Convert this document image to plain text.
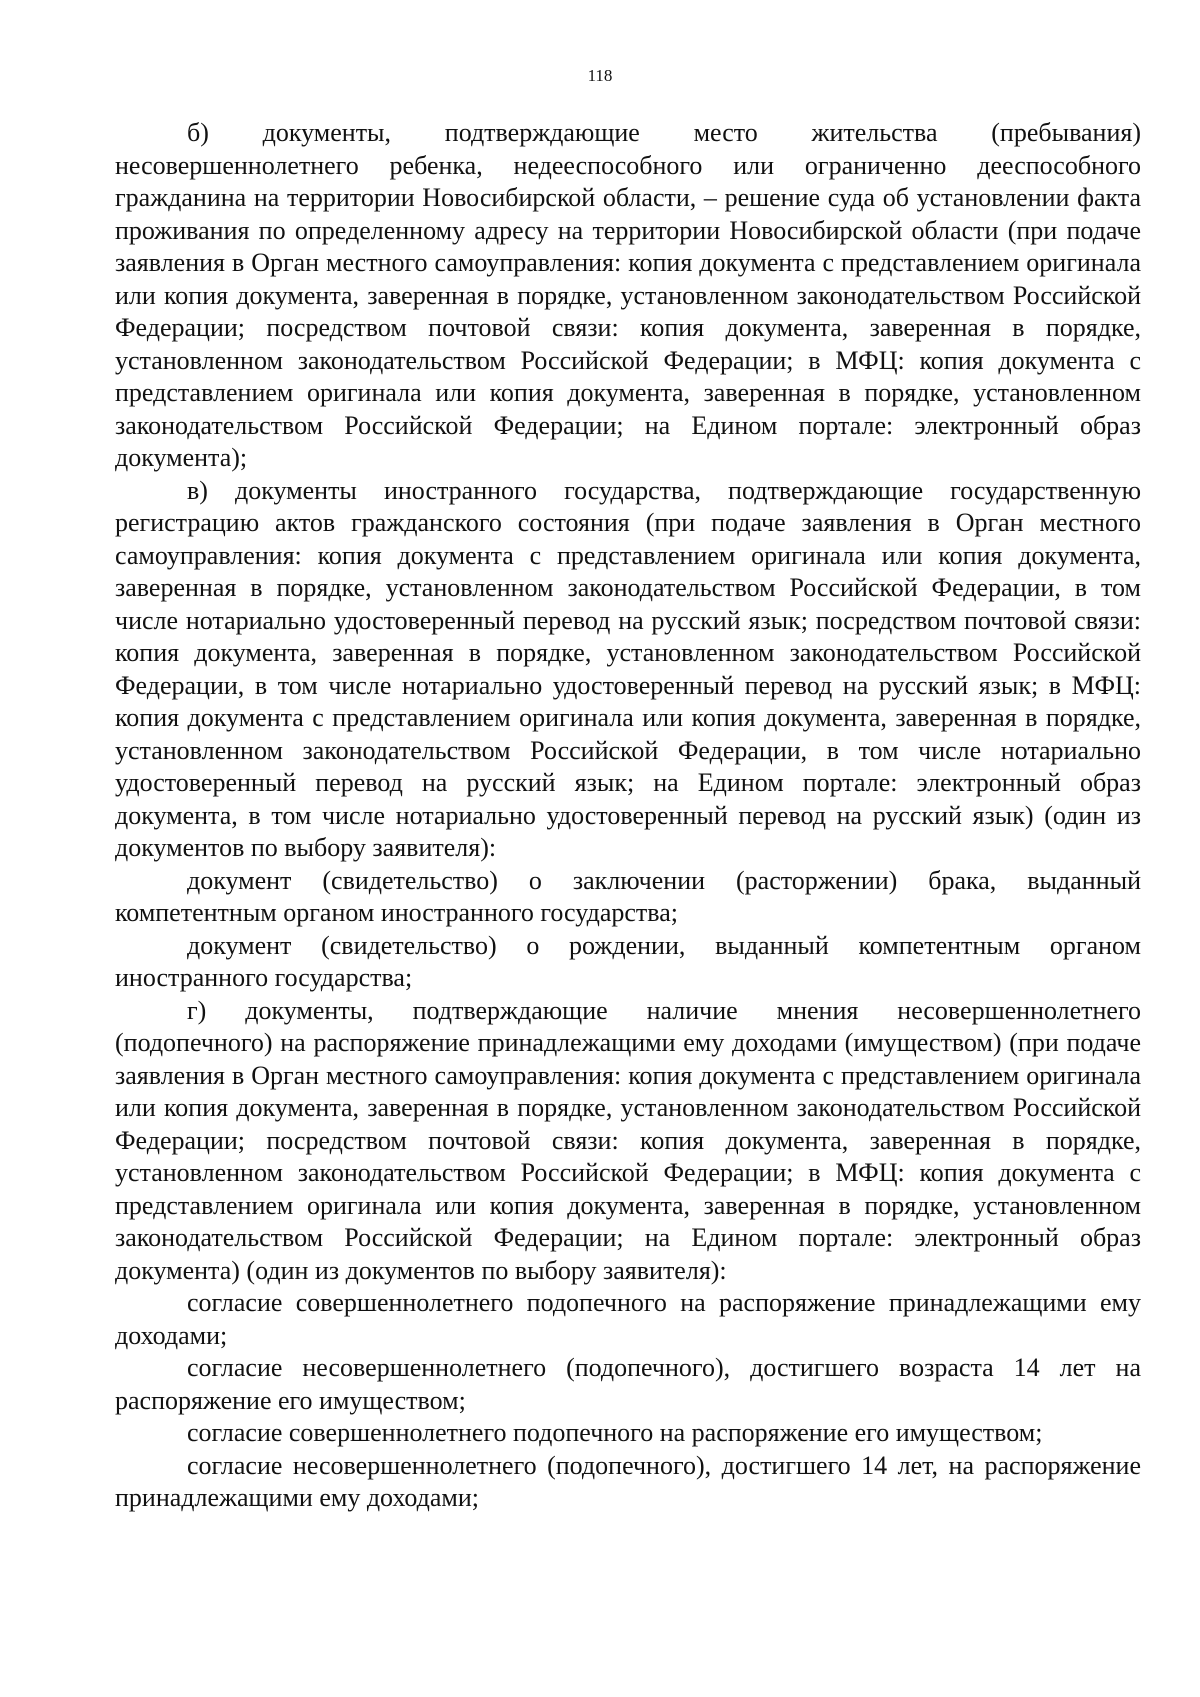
118

б) документы, подтверждающие место жительства (пребывания) несовершеннолетнего ребенка, недееспособного или ограниченно дееспособного гражданина на территории Новосибирской области, – решение суда об установлении факта проживания по определенному адресу на территории Новосибирской области (при подаче заявления в Орган местного самоуправления: копия документа с представлением оригинала или копия документа, заверенная в порядке, установленном законодательством Российской Федерации; посредством почтовой связи: копия документа, заверенная в порядке, установленном законодательством Российской Федерации; в МФЦ: копия документа с представлением оригинала или копия документа, заверенная в порядке, установленном законодательством Российской Федерации; на Едином портале: электронный образ документа);

в) документы иностранного государства, подтверждающие государственную регистрацию актов гражданского состояния (при подаче заявления в Орган местного самоуправления: копия документа с представлением оригинала или копия документа, заверенная в порядке, установленном законодательством Российской Федерации, в том числе нотариально удостоверенный перевод на русский язык; посредством почтовой связи: копия документа, заверенная в порядке, установленном законодательством Российской Федерации, в том числе нотариально удостоверенный перевод на русский язык; в МФЦ: копия документа с представлением оригинала или копия документа, заверенная в порядке, установленном законодательством Российской Федерации, в том числе нотариально удостоверенный перевод на русский язык; на Едином портале: электронный образ документа, в том числе нотариально удостоверенный перевод на русский язык) (один из документов по выбору заявителя):

документ (свидетельство) о заключении (расторжении) брака, выданный компетентным органом иностранного государства;

документ (свидетельство) о рождении, выданный компетентным органом иностранного государства;

г) документы, подтверждающие наличие мнения несовершеннолетнего (подопечного) на распоряжение принадлежащими ему доходами (имуществом) (при подаче заявления в Орган местного самоуправления: копия документа с представлением оригинала или копия документа, заверенная в порядке, установленном законодательством Российской Федерации; посредством почтовой связи: копия документа, заверенная в порядке, установленном законодательством Российской Федерации; в МФЦ: копия документа с представлением оригинала или копия документа, заверенная в порядке, установленном законодательством Российской Федерации; на Едином портале: электронный образ документа) (один из документов по выбору заявителя):

согласие совершеннолетнего подопечного на распоряжение принадлежащими ему доходами;

согласие несовершеннолетнего (подопечного), достигшего возраста 14 лет на распоряжение его имуществом;

согласие совершеннолетнего подопечного на распоряжение его имуществом;

согласие несовершеннолетнего (подопечного), достигшего 14 лет, на распоряжение принадлежащими ему доходами;
